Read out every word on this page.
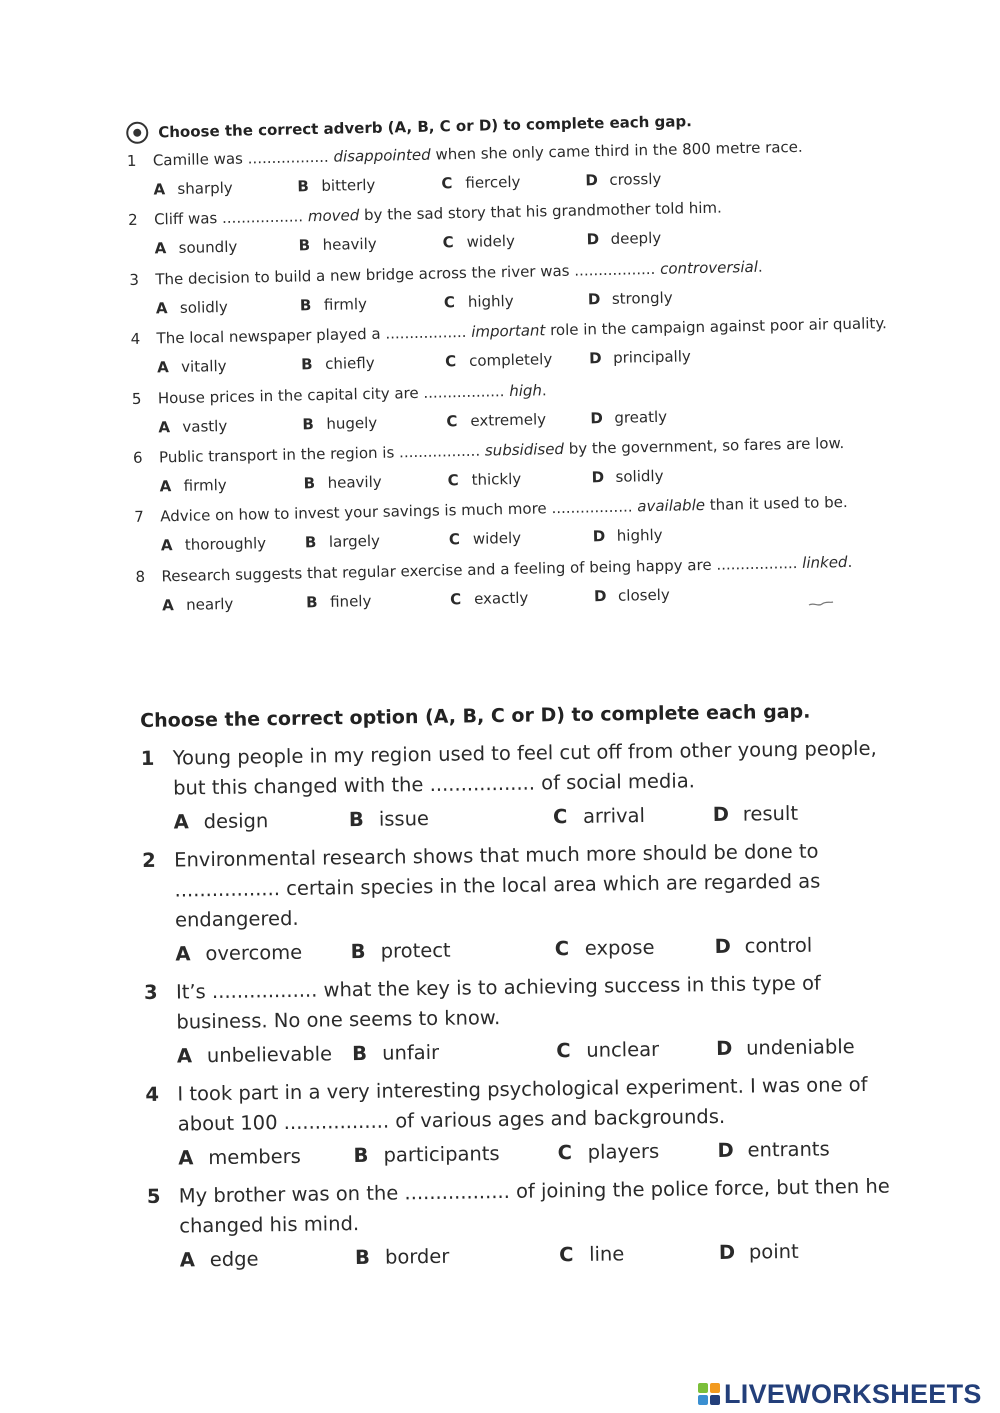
Choose the correct adverb (A, B, C or D) to complete each gap.
1 Camille was ................. disappointed when she only came third in the 800 metre race.
A sharply	B bitterly	C fiercely	D crossly
2 Cliff was ................. moved by the sad story that his grandmother told him.
A soundly	B heavily	C widely	D deeply
3 The decision to build a new bridge across the river was ................. controversial.
A solidly	B firmly	C highly	D strongly
4 The local newspaper played a ................. important role in the campaign against poor air quality.
A vitally	B chiefly	C completely	D principally
5 House prices in the capital city are ................. high.
A vastly	B hugely	C extremely	D greatly
6 Public transport in the region is ................. subsidised by the government, so fares are low.
A firmly	B heavily	C thickly	D solidly
7 Advice on how to invest your savings is much more ................. available than it used to be.
A thoroughly	B largely	C widely	D highly
8 Research suggests that regular exercise and a feeling of being happy are ................. linked.
A nearly	B finely	C exactly	D closely
Choose the correct option (A, B, C or D) to complete each gap.
1 Young people in my region used to feel cut off from other young people, but this changed with the ................. of social media.
A design	B issue	C arrival	D result
2 Environmental research shows that much more should be done to ................. certain species in the local area which are regarded as endangered.
A overcome	B protect	C expose	D control
3 It’s ................. what the key is to achieving success in this type of business. No one seems to know.
A unbelievable	B unfair	C unclear	D undeniable
4 I took part in a very interesting psychological experiment. I was one of about 100 ................. of various ages and backgrounds.
A members	B participants	C players	D entrants
5 My brother was on the ................. of joining the police force, but then he changed his mind.
A edge	B border	C line	D point
LIVEWORKSHEETS
